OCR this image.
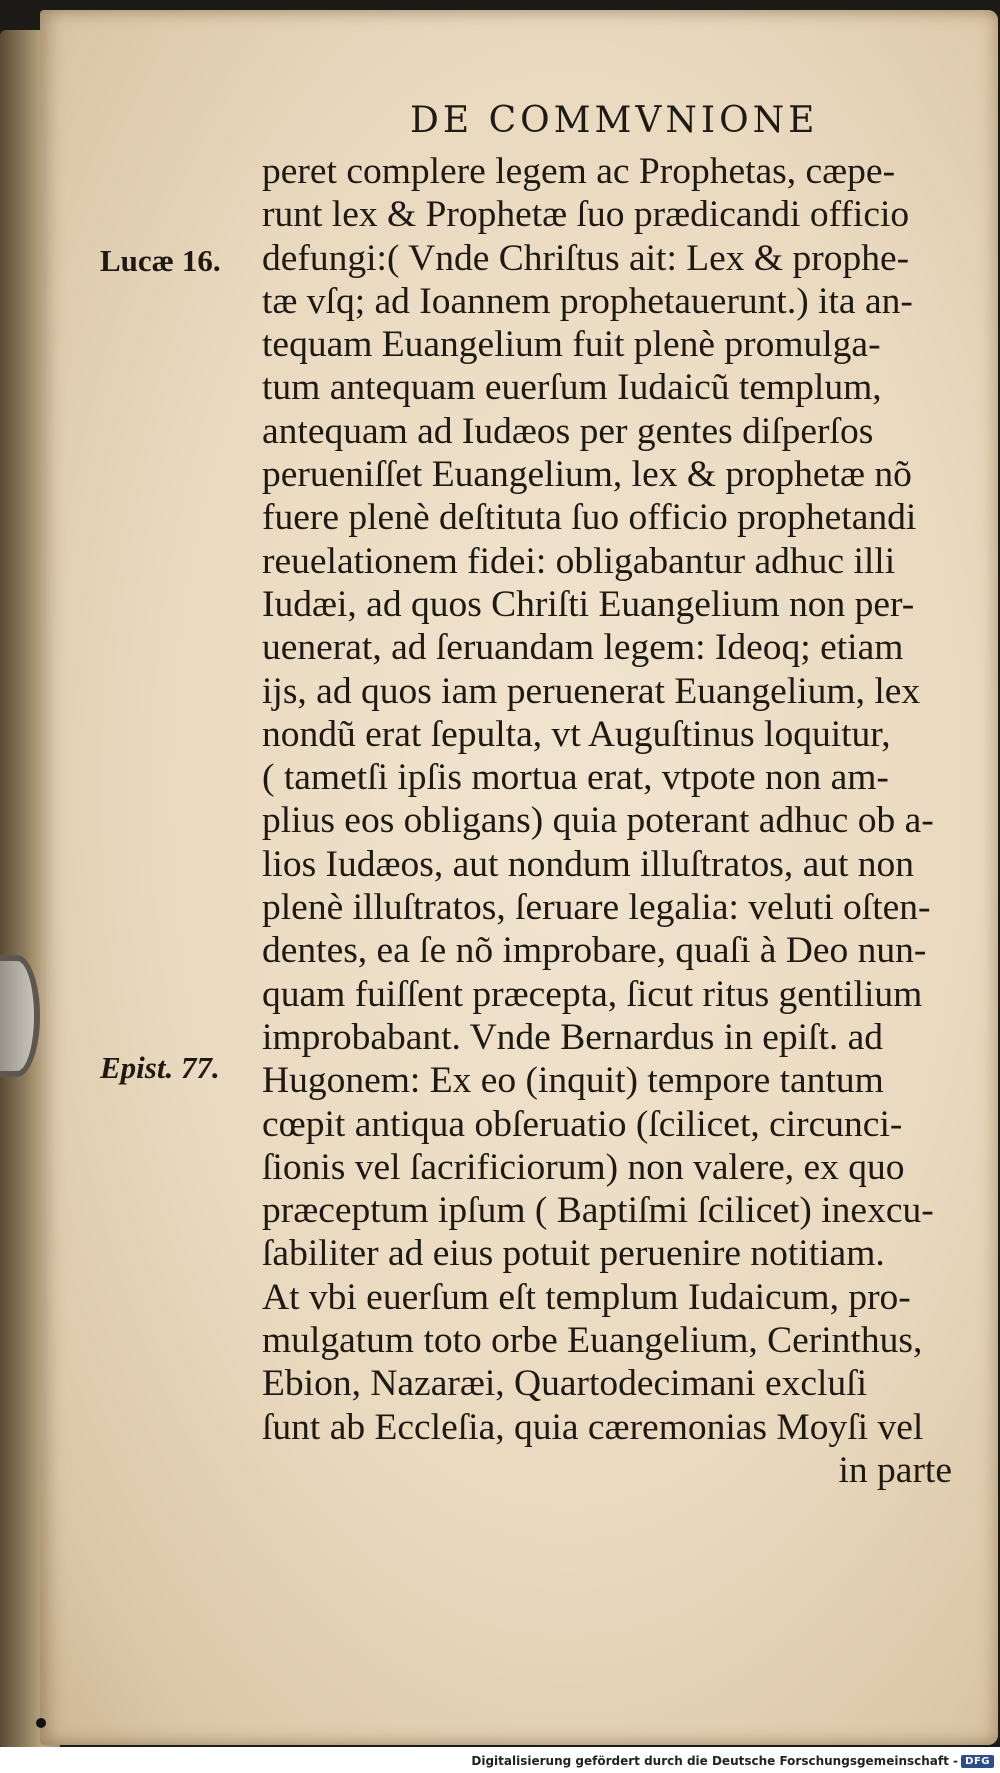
DE COMMVNIONE
Lucæ 16.
Epist. 77.
peret complere legem ac Prophetas, cæpe-
runt lex & Prophetæ ſuo prædicandi officio
defungi:( Vnde Chriſtus ait: Lex & prophe-
tæ vſq; ad Ioannem prophetauerunt.) ita an-
tequam Euangelium fuit plenè promulga-
tum antequam euerſum Iudaicũ templum,
antequam ad Iudæos per gentes diſperſos
perueniſſet Euangelium, lex & prophetæ nõ
fuere plenè deſtituta ſuo officio prophetandi
reuelationem fidei: obligabantur adhuc illi
Iudæi, ad quos Chriſti Euangelium non per-
uenerat, ad ſeruandam legem: Ideoq; etiam
ijs, ad quos iam peruenerat Euangelium, lex
nondũ erat ſepulta, vt Auguſtinus loquitur,
( tametſi ipſis mortua erat, vtpote non am-
plius eos obligans) quia poterant adhuc ob a-
lios Iudæos, aut nondum illuſtratos, aut non
plenè illuſtratos, ſeruare legalia: veluti oſten-
dentes, ea ſe nõ improbare, quaſi à Deo nun-
quam fuiſſent præcepta, ſicut ritus gentilium
improbabant. Vnde Bernardus in epiſt. ad
Hugonem: Ex eo (inquit) tempore tantum
cœpit antiqua obſeruatio (ſcilicet, circunci-
ſionis vel ſacrificiorum) non valere, ex quo
præceptum ipſum ( Baptiſmi ſcilicet) inexcu-
ſabiliter ad eius potuit peruenire notitiam.
At vbi euerſum eſt templum Iudaicum, pro-
mulgatum toto orbe Euangelium, Cerinthus,
Ebion, Nazaræi, Quartodecimani excluſi
ſunt ab Eccleſia, quia cæremonias Moyſi vel
in parte
Digitalisierung gefördert durch die Deutsche Forschungsgemeinschaft - DFG
